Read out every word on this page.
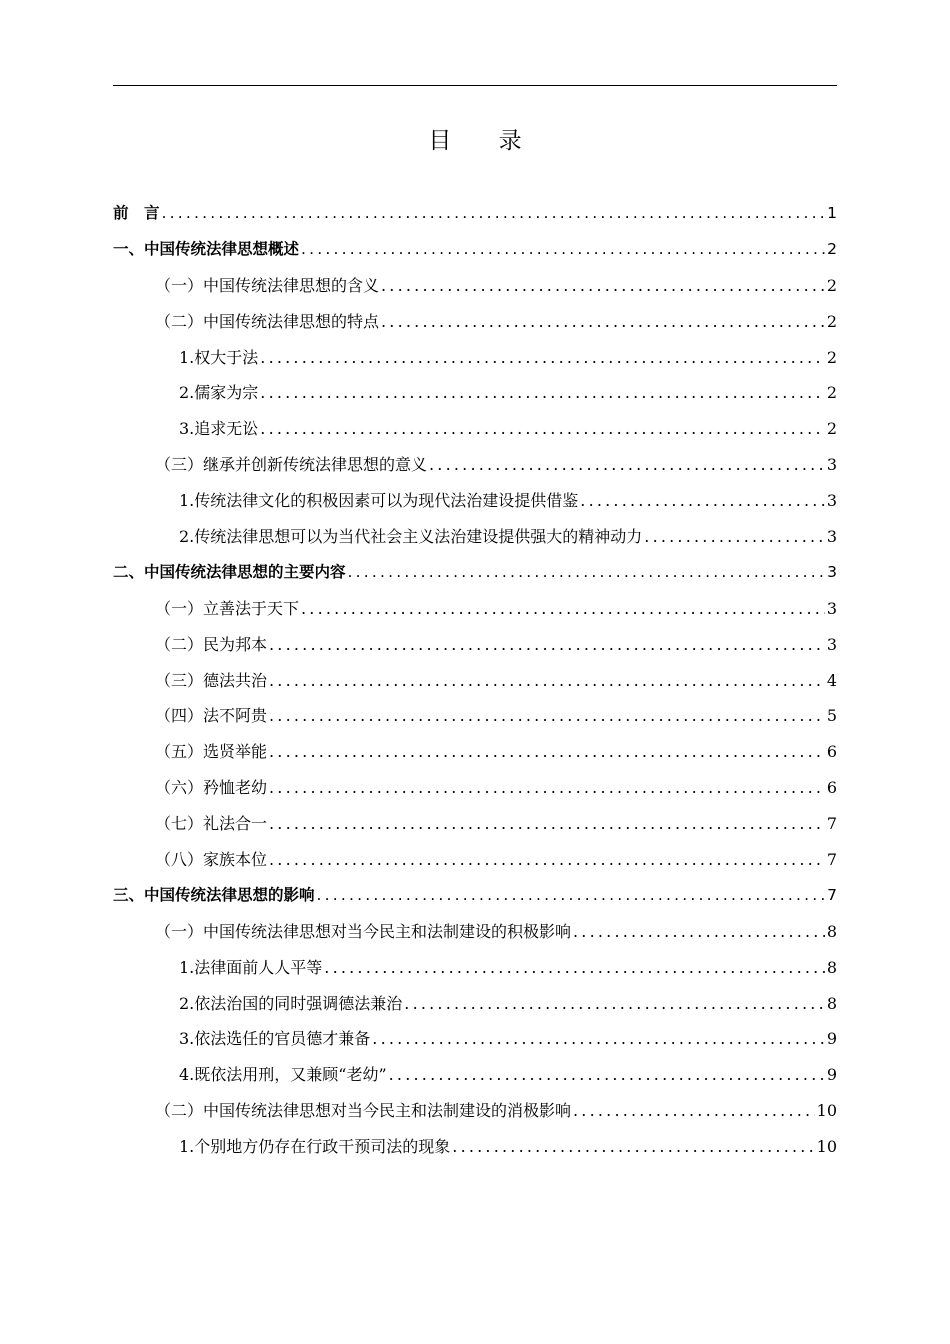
目 录
前　言 .....	1
一、中国传统法律思想概述 .....	2
（一）中国传统法律思想的含义 .....	2
（二）中国传统法律思想的特点 .....	2
1.权大于法 .....	2
2.儒家为宗 .....	2
3.追求无讼 .....	2
（三）继承并创新传统法律思想的意义 .....	3
1.传统法律文化的积极因素可以为现代法治建设提供借鉴 .....	3
2.传统法律思想可以为当代社会主义法治建设提供强大的精神动力 .....	3
二、中国传统法律思想的主要内容 .....	3
（一）立善法于天下 .....	3
（二）民为邦本 .....	3
（三）德法共治 .....	4
（四）法不阿贵 .....	5
（五）选贤举能 .....	6
（六）矜恤老幼 .....	6
（七）礼法合一 .....	7
（八）家族本位 .....	7
三、中国传统法律思想的影响 .....	7
（一）中国传统法律思想对当今民主和法制建设的积极影响 .....	8
1.法律面前人人平等 .....	8
2.依法治国的同时强调德法兼治 .....	8
3.依法选任的官员德才兼备 .....	9
4.既依法用刑，又兼顾“老幼” .....	9
（二）中国传统法律思想对当今民主和法制建设的消极影响 .....	10
1.个别地方仍存在行政干预司法的现象 .....	10
